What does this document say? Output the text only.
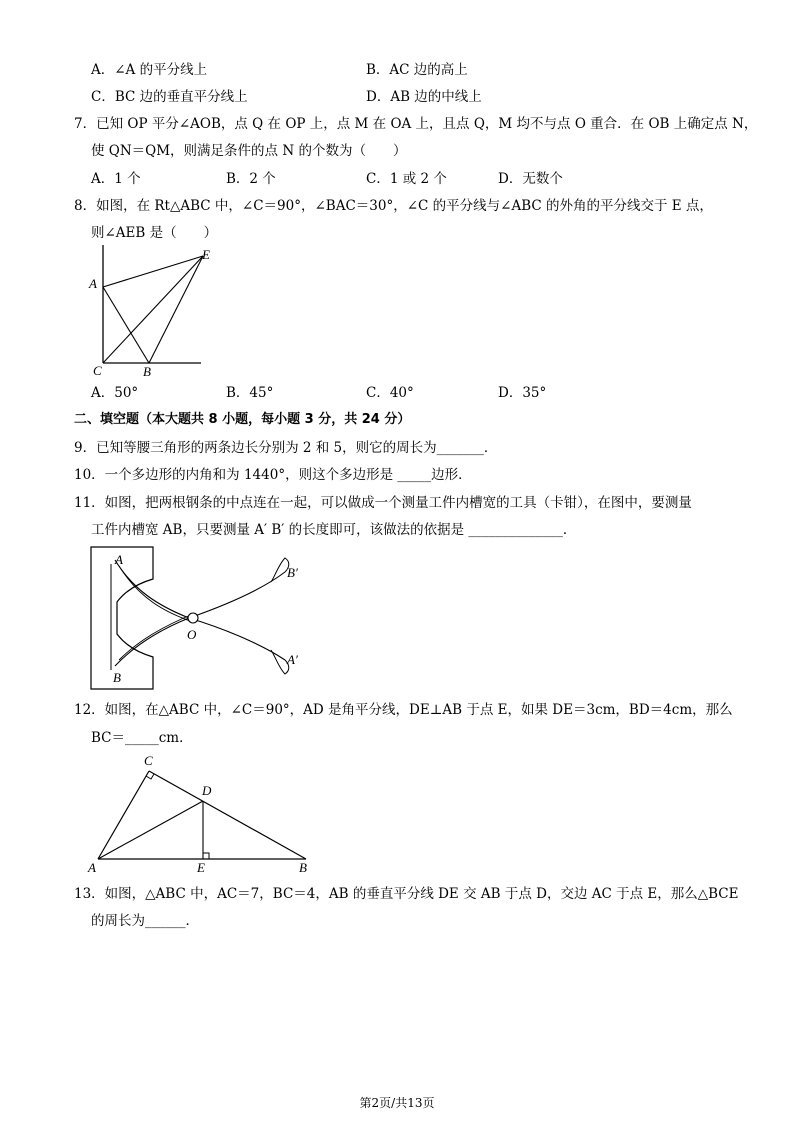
A．∠A 的平分线上	B．AC 边的高上
C．BC 边的垂直平分线上	D．AB 边的中线上
7．已知 OP 平分∠AOB，点 Q 在 OP 上，点 M 在 OA 上，且点 Q，M 均不与点 O 重合．在 OB 上确定点 N，
使 QN＝QM，则满足条件的点 N 的个数为（　　）
A．1 个	B．2 个	C．1 或 2 个	D．无数个
8．如图，在 Rt△ABC 中，∠C＝90°，∠BAC＝30°，∠C 的平分线与∠ABC 的外角的平分线交于 E 点，
则∠AEB 是（　　）
A
E
C	B
A．50°	B．45°	C．40°	D．35°
二、填空题（本大题共 8 小题，每小题 3 分，共 24 分）
9．已知等腰三角形的两条边长分别为 2 和 5，则它的周长为_______．
10．一个多边形的内角和为 1440°，则这个多边形是 _____边形．
11．如图，把两根钢条的中点连在一起，可以做成一个测量工件内槽宽的工具（卡钳），在图中，要测量
工件内槽宽 AB，只要测量 A′ B′ 的长度即可，该做法的依据是 ______________．
A
B
O
B′
A′
12．如图，在△ABC 中，∠C＝90°，AD 是角平分线，DE⊥AB 于点 E，如果 DE＝3cm，BD＝4cm，那么
BC＝_____cm．
C
D
A	E	B
13．如图，△ABC 中，AC＝7，BC＝4，AB 的垂直平分线 DE 交 AB 于点 D，交边 AC 于点 E，那么△BCE
的周长为______．
第2页/共13页
